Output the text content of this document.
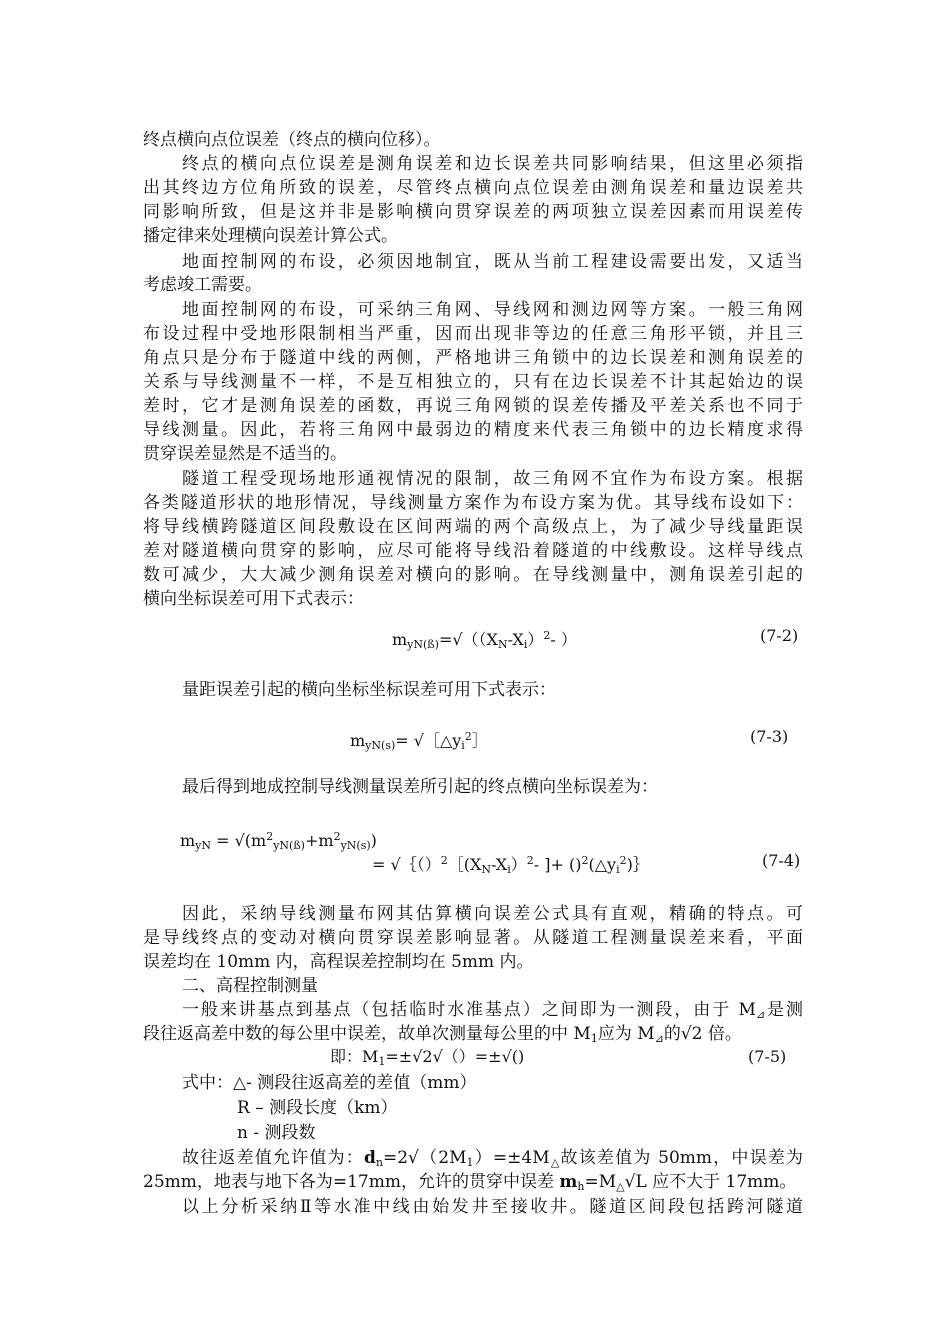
终点横向点位误差（终点的横向位移）。
终点的横向点位误差是测角误差和边长误差共同影响结果，但这里必须指
出其终边方位角所致的误差，尽管终点横向点位误差由测角误差和量边误差共
同影响所致，但是这并非是影响横向贯穿误差的两项独立误差因素而用误差传
播定律来处理横向误差计算公式。
地面控制网的布设，必须因地制宜，既从当前工程建设需要出发，又适当
考虑竣工需要。
地面控制网的布设，可采纳三角网、导线网和测边网等方案。一般三角网
布设过程中受地形限制相当严重，因而出现非等边的任意三角形平锁，并且三
角点只是分布于隧道中线的两侧，严格地讲三角锁中的边长误差和测角误差的
关系与导线测量不一样，不是互相独立的，只有在边长误差不计其起始边的误
差时，它才是测角误差的函数，再说三角网锁的误差传播及平差关系也不同于
导线测量。因此，若将三角网中最弱边的精度来代表三角锁中的边长精度求得
贯穿误差显然是不适当的。
隧道工程受现场地形通视情况的限制，故三角网不宜作为布设方案。根据
各类隧道形状的地形情况，导线测量方案作为布设方案为优。其导线布设如下：
将导线横跨隧道区间段敷设在区间两端的两个高级点上，为了减少导线量距误
差对隧道横向贯穿的影响，应尽可能将导线沿着隧道的中线敷设。这样导线点
数可减少，大大减少测角误差对横向的影响。在导线测量中，测角误差引起的
横向坐标误差可用下式表示：
$m_{yN(ß)}=√((X_N-X_i)^2-$ ）	(7-2)
量距误差引起的横向坐标坐标误差可用下式表示：
$m_{yN(s)}=$ $√[\triangle y_i^2]$	(7-3)
最后得到地成控制导线测量误差所引起的终点横向坐标误差为：
$m_{yN} = √(m^2_{yN(ß)}+m^2_{yN(s)})$
= $√\{()^2[(X_N-X_i)^2-$ ]+ $()^2(\triangle y_i^2)\}$	(7-4)
因此，采纳导线测量布网其估算横向误差公式具有直观，精确的特点。可
是导线终点的变动对横向贯穿误差影响显著。从隧道工程测量误差来看，平面
误差均在 10mm 内，高程误差控制均在 5mm 内。
二、高程控制测量
一般来讲基点到基点（包括临时水准基点）之间即为一测段，由于 $M_⊿$是测
段往返高差中数的每公里中误差，故单次测量每公里的中 $M_1$应为 $M_⊿$的√2 倍。
即：$M_1=\pm√2√()=\pm√()$	(7-5)
式中：△- 测段往返高差的差值（mm）
R – 测段长度（km）
n - 测段数
故往返差值允许值为：$d_n=2√(2M_1)=\pm 4M_\triangle$故该差值为 50mm，中误差为
25mm，地表与地下各为=17mm，允许的贯穿中误差 $m_h=M_\triangle√L$ 应不大于 17mm。
以上分析采纳Ⅱ等水准中线由始发井至接收井。隧道区间段包括跨河隧道
